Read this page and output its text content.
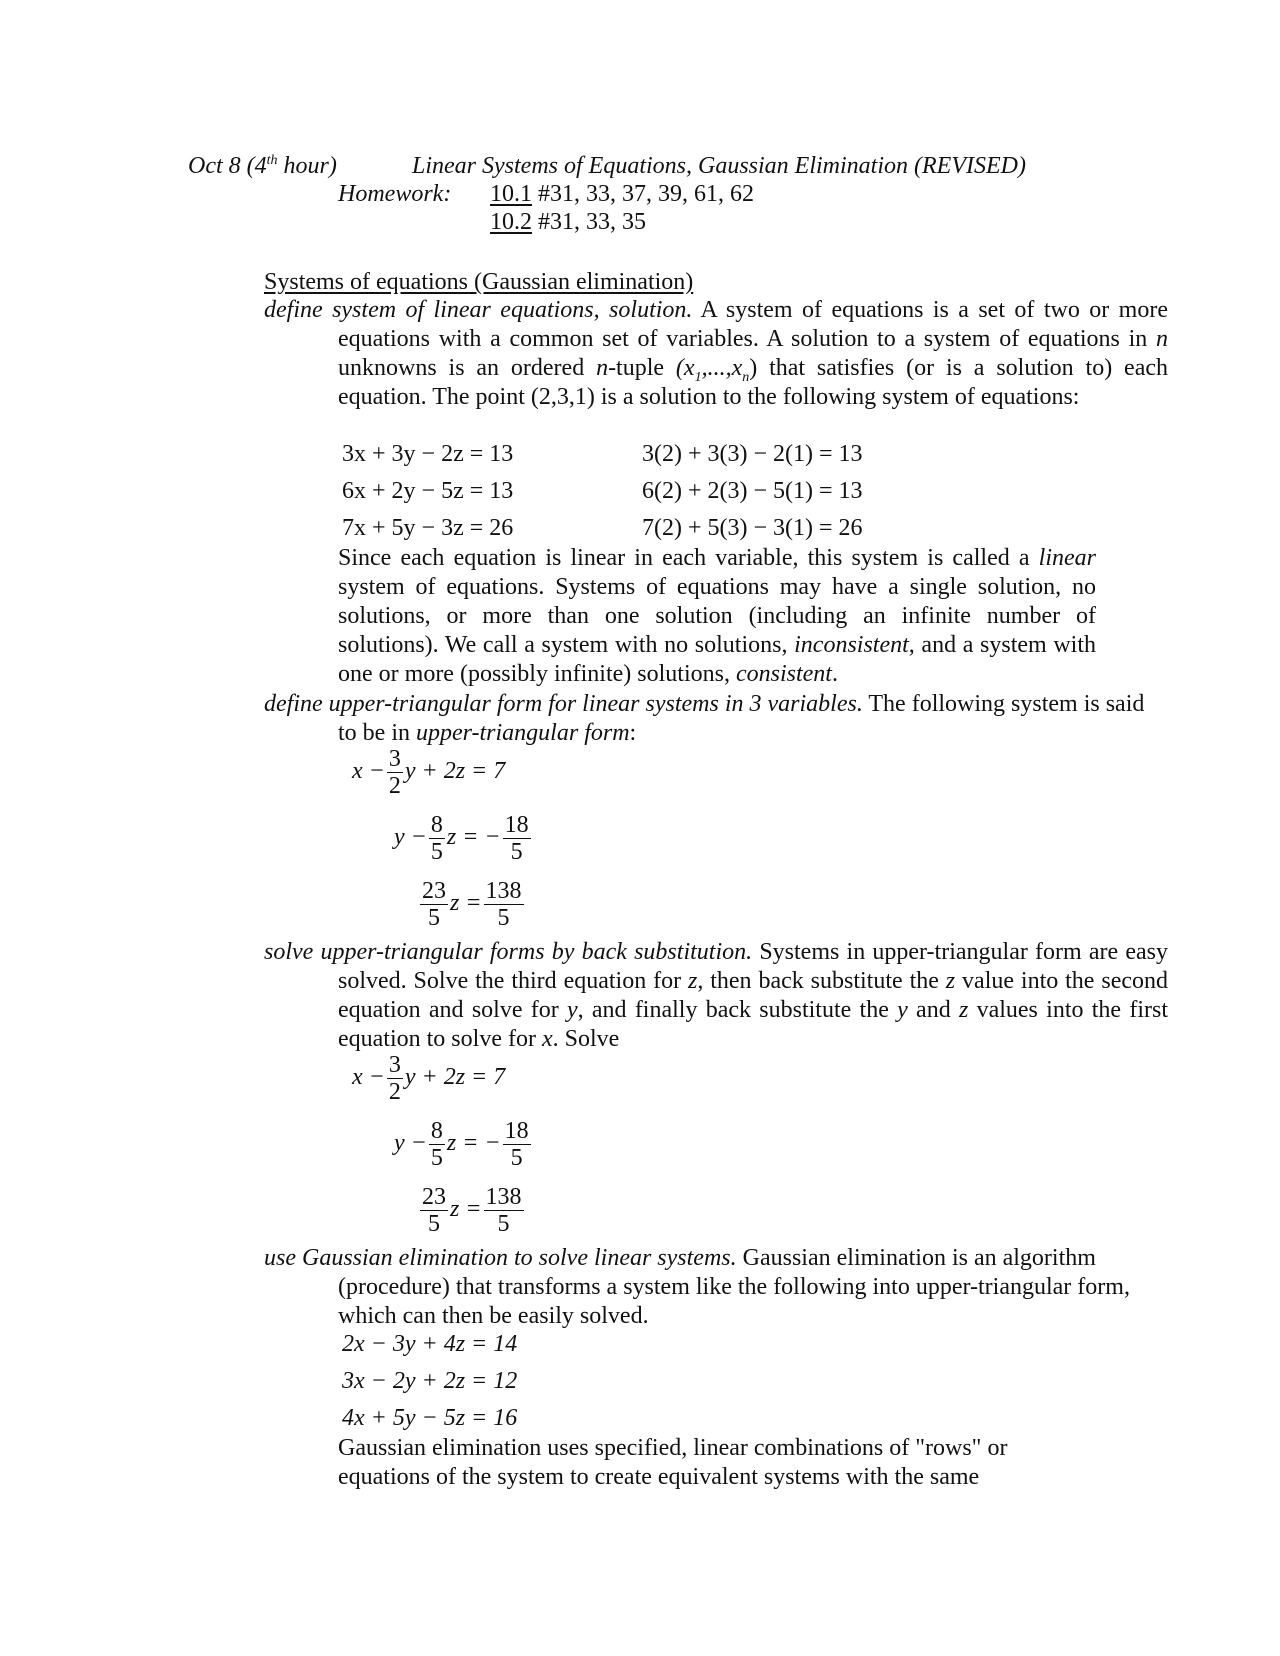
Oct 8 (4th hour)	Linear Systems of Equations, Gaussian Elimination (REVISED)
Homework: 10.1 #31, 33, 37, 39, 61, 62
10.2 #31, 33, 35
Systems of equations (Gaussian elimination)
define system of linear equations, solution. A system of equations is a set of two or more equations with a common set of variables. A solution to a system of equations in n unknowns is an ordered n-tuple $(x_1,...,x_n)$ that satisfies (or is a solution to) each equation. The point (2,3,1) is a solution to the following system of equations:
3x + 3y − 2z = 13	3(2) + 3(3) − 2(1) = 13
6x + 2y − 5z = 13	6(2) + 2(3) − 5(1) = 13
7x + 5y − 3z = 26	7(2) + 5(3) − 3(1) = 26
Since each equation is linear in each variable, this system is called a linear system of equations. Systems of equations may have a single solution, no solutions, or more than one solution (including an infinite number of solutions). We call a system with no solutions, inconsistent, and a system with one or more (possibly infinite) solutions, consistent.
define upper-triangular form for linear systems in 3 variables. The following system is said to be in upper-triangular form:
$x - \frac{3}{2}$ y + 2z = 7
$y - \frac{8}{5}$ z = − $\frac{18}{5}$
$\frac{23}{5}$ $z = \frac{138}{5}$
solve upper-triangular forms by back substitution. Systems in upper-triangular form are easy solved. Solve the third equation for z, then back substitute the z value into the second equation and solve for y, and finally back substitute the y and z values into the first equation to solve for x. Solve
$x - \frac{3}{2}$ y + 2z = 7
$y - \frac{8}{5}$ z = − $\frac{18}{5}$
$\frac{23}{5}$ $z = \frac{138}{5}$
use Gaussian elimination to solve linear systems. Gaussian elimination is an algorithm (procedure) that transforms a system like the following into upper-triangular form, which can then be easily solved.
2x − 3y + 4z = 14
3x − 2y + 2z = 12
4x + 5y − 5z = 16
Gaussian elimination uses specified, linear combinations of "rows" or equations of the system to create equivalent systems with the same
